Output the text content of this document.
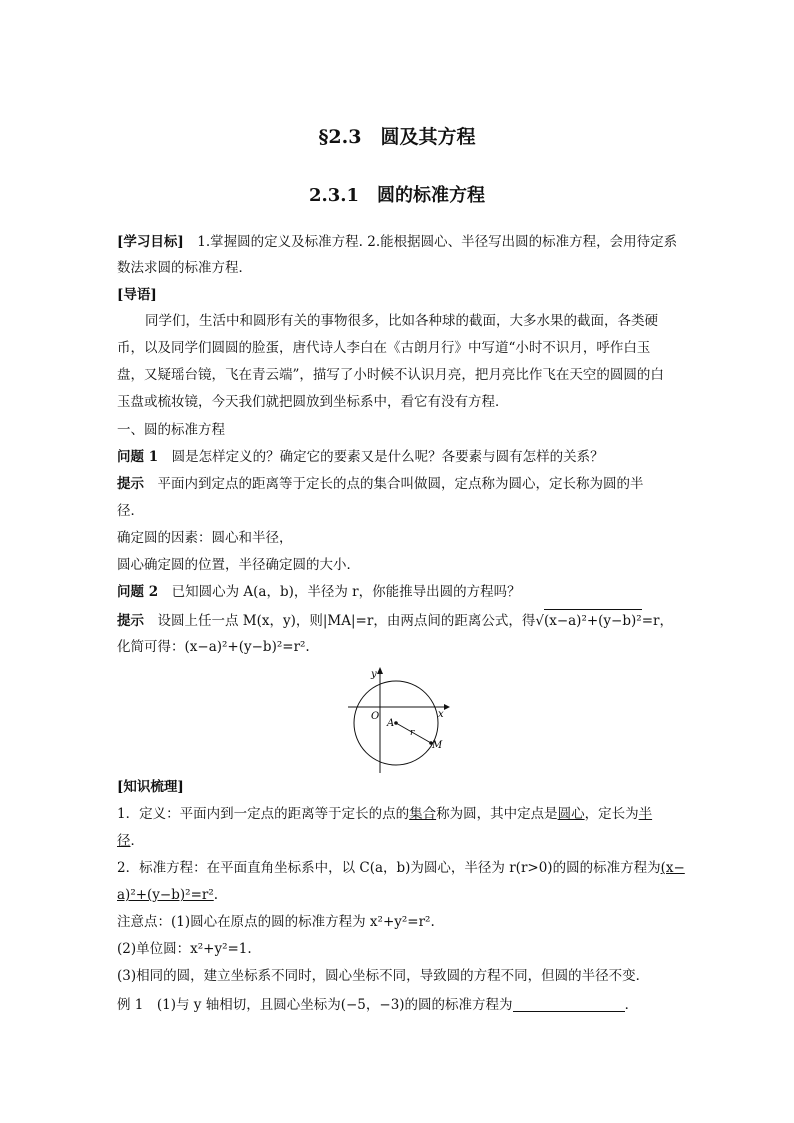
§2.3　圆及其方程
2.3.1　圆的标准方程
[学习目标]　1.掌握圆的定义及标准方程. 2.能根据圆心、半径写出圆的标准方程，会用待定系
数法求圆的标准方程．
[导语]
同学们，生活中和圆形有关的事物很多，比如各种球的截面，大多水果的截面，各类硬
币，以及同学们圆圆的脸蛋，唐代诗人李白在《古朗月行》中写道“小时不识月，呼作白玉
盘，又疑瑶台镜，飞在青云端”，描写了小时候不认识月亮，把月亮比作飞在天空的圆圆的白
玉盘或梳妆镜，今天我们就把圆放到坐标系中，看它有没有方程．
一、圆的标准方程
问题 1　圆是怎样定义的？确定它的要素又是什么呢？各要素与圆有怎样的关系？
提示　平面内到定点的距离等于定长的点的集合叫做圆，定点称为圆心，定长称为圆的半
径．
确定圆的因素：圆心和半径，
圆心确定圆的位置，半径确定圆的大小．
问题 2　已知圆心为 A(a，b)，半径为 r，你能推导出圆的方程吗？
提示　设圆上任一点 M(x，y)，则|MA|=r，由两点间的距离公式，得√(x−a)²+(y−b)²=r，
化简可得：(x−a)²+(y−b)²=r².
y
x
O
A
r
M
[知识梳理]
1．定义：平面内到一定点的距离等于定长的点的集合称为圆，其中定点是圆心，定长为半
径．
2．标准方程：在平面直角坐标系中，以 C(a，b)为圆心，半径为 r(r>0)的圆的标准方程为(x−
a)²+(y−b)²=r².
注意点：(1)圆心在原点的圆的标准方程为 x²+y²=r².
(2)单位圆：x²+y²=1.
(3)相同的圆，建立坐标系不同时，圆心坐标不同，导致圆的方程不同，但圆的半径不变．
例 1　(1)与 y 轴相切，且圆心坐标为(−5，−3)的圆的标准方程为	．
